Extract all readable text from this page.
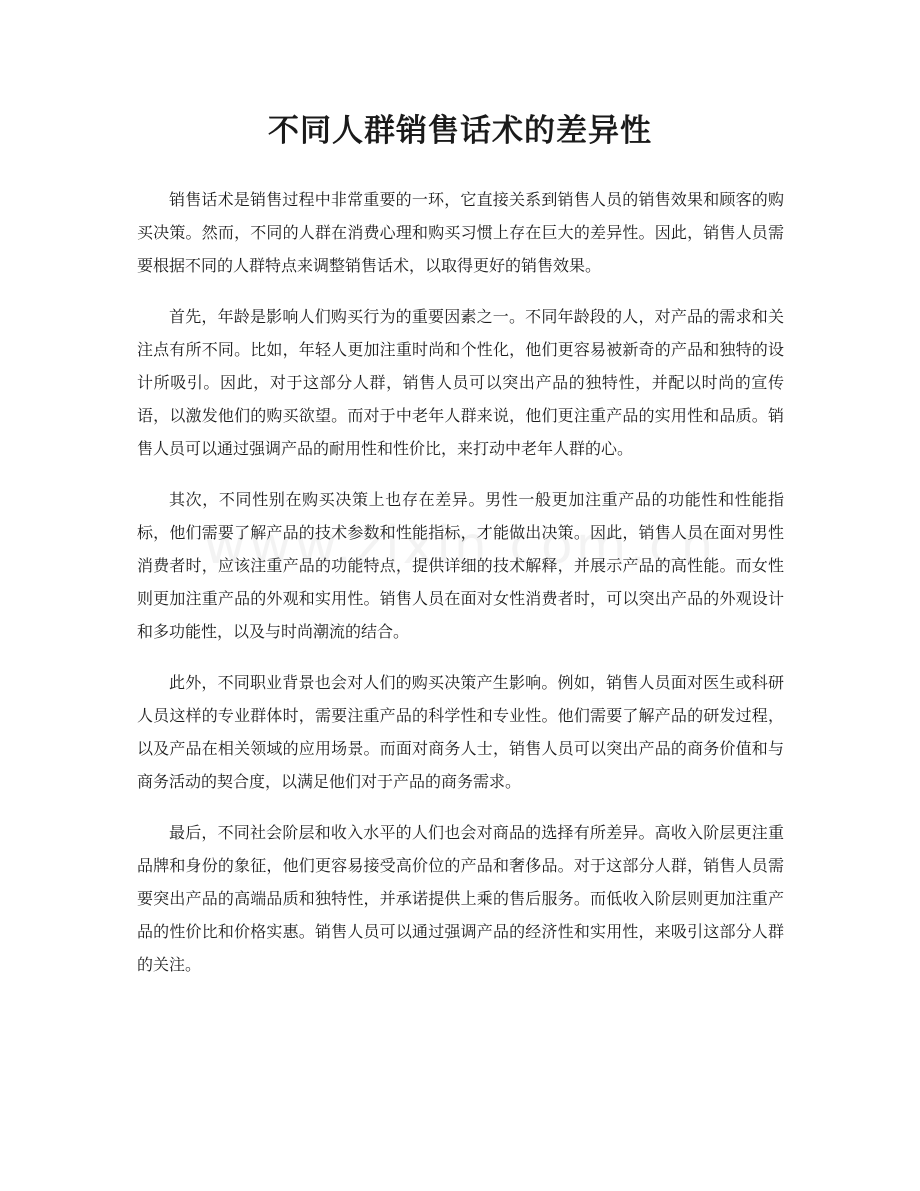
不同人群销售话术的差异性

销售话术是销售过程中非常重要的一环，它直接关系到销售人员的销售效果和顾客的购买决策。然而，不同的人群在消费心理和购买习惯上存在巨大的差异性。因此，销售人员需要根据不同的人群特点来调整销售话术，以取得更好的销售效果。

首先，年龄是影响人们购买行为的重要因素之一。不同年龄段的人，对产品的需求和关注点有所不同。比如，年轻人更加注重时尚和个性化，他们更容易被新奇的产品和独特的设计所吸引。因此，对于这部分人群，销售人员可以突出产品的独特性，并配以时尚的宣传语，以激发他们的购买欲望。而对于中老年人群来说，他们更注重产品的实用性和品质。销售人员可以通过强调产品的耐用性和性价比，来打动中老年人群的心。

其次，不同性别在购买决策上也存在差异。男性一般更加注重产品的功能性和性能指标，他们需要了解产品的技术参数和性能指标，才能做出决策。因此，销售人员在面对男性消费者时，应该注重产品的功能特点，提供详细的技术解释，并展示产品的高性能。而女性则更加注重产品的外观和实用性。销售人员在面对女性消费者时，可以突出产品的外观设计和多功能性，以及与时尚潮流的结合。

此外，不同职业背景也会对人们的购买决策产生影响。例如，销售人员面对医生或科研人员这样的专业群体时，需要注重产品的科学性和专业性。他们需要了解产品的研发过程，以及产品在相关领域的应用场景。而面对商务人士，销售人员可以突出产品的商务价值和与商务活动的契合度，以满足他们对于产品的商务需求。

最后，不同社会阶层和收入水平的人们也会对商品的选择有所差异。高收入阶层更注重品牌和身份的象征，他们更容易接受高价位的产品和奢侈品。对于这部分人群，销售人员需要突出产品的高端品质和独特性，并承诺提供上乘的售后服务。而低收入阶层则更加注重产品的性价比和价格实惠。销售人员可以通过强调产品的经济性和实用性，来吸引这部分人群的关注。
